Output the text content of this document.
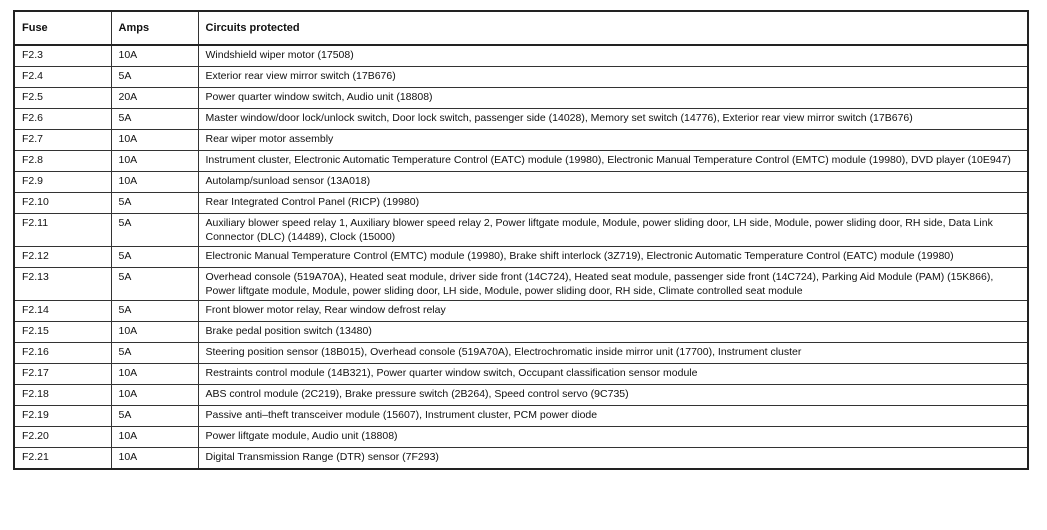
Fuse	Amps	Circuits protected
F2.3	10A	Windshield wiper motor (17508)
F2.4	5A	Exterior rear view mirror switch (17B676)
F2.5	20A	Power quarter window switch, Audio unit (18808)
F2.6	5A	Master window/door lock/unlock switch, Door lock switch, passenger side (14028), Memory set switch (14776), Exterior rear view mirror switch (17B676)
F2.7	10A	Rear wiper motor assembly
F2.8	10A	Instrument cluster, Electronic Automatic Temperature Control (EATC) module (19980), Electronic Manual Temperature Control (EMTC) module (19980), DVD player (10E947)
F2.9	10A	Autolamp/sunload sensor (13A018)
F2.10	5A	Rear Integrated Control Panel (RICP) (19980)
F2.11	5A	Auxiliary blower speed relay 1, Auxiliary blower speed relay 2, Power liftgate module, Module, power sliding door, LH side, Module, power sliding door, RH side, Data Link Connector (DLC) (14489), Clock (15000)
F2.12	5A	Electronic Manual Temperature Control (EMTC) module (19980), Brake shift interlock (3Z719), Electronic Automatic Temperature Control (EATC) module (19980)
F2.13	5A	Overhead console (519A70A), Heated seat module, driver side front (14C724), Heated seat module, passenger side front (14C724), Parking Aid Module (PAM) (15K866), Power liftgate module, Module, power sliding door, LH side, Module, power sliding door, RH side, Climate controlled seat module
F2.14	5A	Front blower motor relay, Rear window defrost relay
F2.15	10A	Brake pedal position switch (13480)
F2.16	5A	Steering position sensor (18B015), Overhead console (519A70A), Electrochromatic inside mirror unit (17700), Instrument cluster
F2.17	10A	Restraints control module (14B321), Power quarter window switch, Occupant classification sensor module
F2.18	10A	ABS control module (2C219), Brake pressure switch (2B264), Speed control servo (9C735)
F2.19	5A	Passive anti–theft transceiver module (15607), Instrument cluster, PCM power diode
F2.20	10A	Power liftgate module, Audio unit (18808)
F2.21	10A	Digital Transmission Range (DTR) sensor (7F293)
